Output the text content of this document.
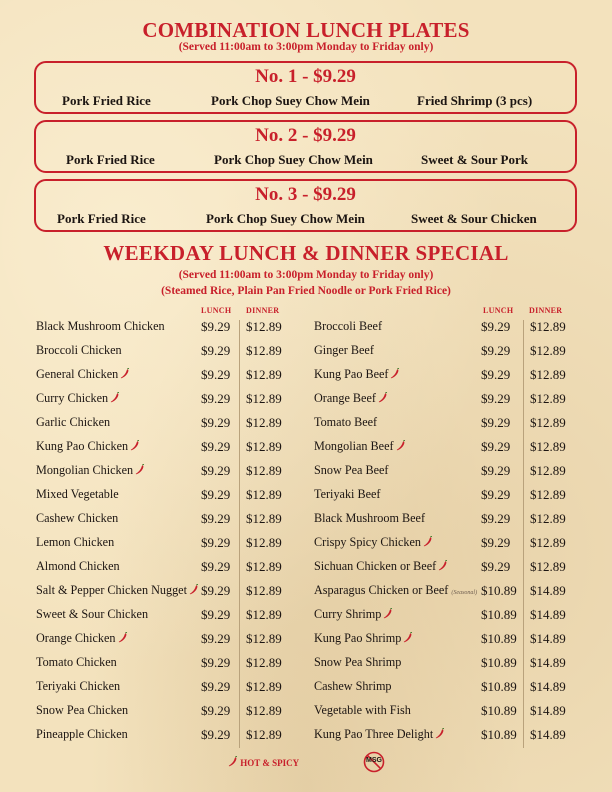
COMBINATION LUNCH PLATES
(Served 11:00am to 3:00pm Monday to Friday only)
No. 1 - $9.29
Pork Fried Rice	Pork Chop Suey Chow Mein	Fried Shrimp (3 pcs)
No. 2 - $9.29
Pork Fried Rice	Pork Chop Suey Chow Mein	Sweet & Sour Pork
No. 3 - $9.29
Pork Fried Rice	Pork Chop Suey Chow Mein	Sweet & Sour Chicken
WEEKDAY LUNCH & DINNER SPECIAL
(Served 11:00am to 3:00pm Monday to Friday only)
(Steamed Rice, Plain Pan Fried Noodle or Pork Fried Rice)
LUNCH DINNER	LUNCH DINNER
Black Mushroom Chicken	$9.29 $12.89
Broccoli Chicken	$9.29 $12.89
General Chicken	$9.29 $12.89
Curry Chicken	$9.29 $12.89
Garlic Chicken	$9.29 $12.89
Kung Pao Chicken	$9.29 $12.89
Mongolian Chicken	$9.29 $12.89
Mixed Vegetable	$9.29 $12.89
Cashew Chicken	$9.29 $12.89
Lemon Chicken	$9.29 $12.89
Almond Chicken	$9.29 $12.89
Salt & Pepper Chicken Nugget	$9.29 $12.89
Sweet & Sour Chicken	$9.29 $12.89
Orange Chicken	$9.29 $12.89
Tomato Chicken	$9.29 $12.89
Teriyaki Chicken	$9.29 $12.89
Snow Pea Chicken	$9.29 $12.89
Pineapple Chicken	$9.29 $12.89
Broccoli Beef	$9.29 $12.89
Ginger Beef	$9.29 $12.89
Kung Pao Beef	$9.29 $12.89
Orange Beef	$9.29 $12.89
Tomato Beef	$9.29 $12.89
Mongolian Beef	$9.29 $12.89
Snow Pea Beef	$9.29 $12.89
Teriyaki Beef	$9.29 $12.89
Black Mushroom Beef	$9.29 $12.89
Crispy Spicy Chicken	$9.29 $12.89
Sichuan Chicken or Beef	$9.29 $12.89
Asparagus Chicken or Beef (Seasonal) $10.89 $14.89
Curry Shrimp	$10.89 $14.89
Kung Pao Shrimp	$10.89 $14.89
Snow Pea Shrimp	$10.89 $14.89
Cashew Shrimp	$10.89 $14.89
Vegetable with Fish	$10.89 $14.89
Kung Pao Three Delight	$10.89 $14.89
HOT & SPICY	MSG
